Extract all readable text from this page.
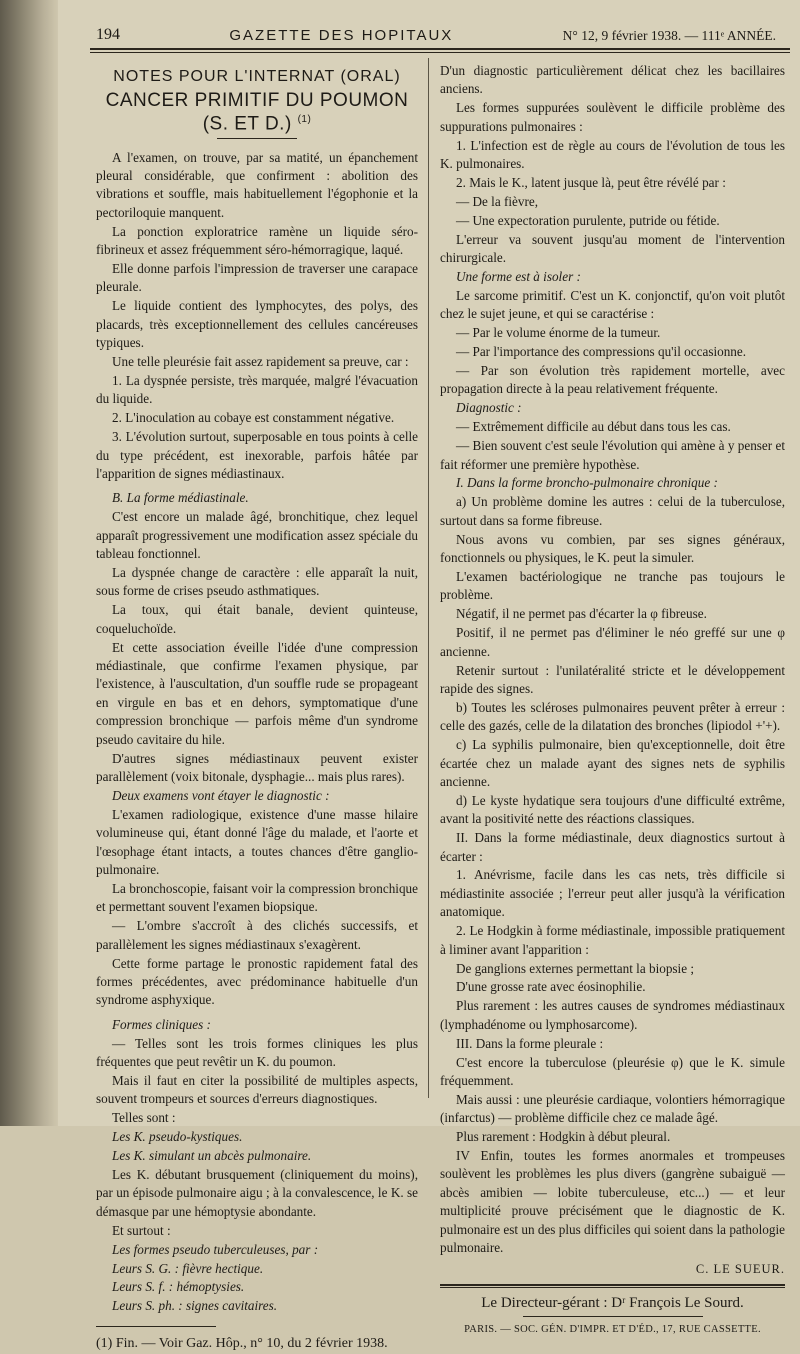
194	GAZETTE DES HOPITAUX	N° 12, 9 février 1938. — 111ᵉ ANNÉE.
NOTES POUR L'INTERNAT (ORAL)
CANCER PRIMITIF DU POUMON (S. ET D.) $^{(1)}$

A l'examen, on trouve, par sa matité, un épanchement pleural considérable, que confirment : abolition des vibrations et souffle, mais habituellement l'égophonie et la pectoriloquie manquent.

La ponction exploratrice ramène un liquide séro-fibrineux et assez fréquemment séro-hémorragique, laqué.

Elle donne parfois l'impression de traverser une carapace pleurale.

Le liquide contient des lymphocytes, des polys, des placards, très exceptionnellement des cellules cancéreuses typiques.

Une telle pleurésie fait assez rapidement sa preuve, car :

1. La dyspnée persiste, très marquée, malgré l'évacuation du liquide.

2. L'inoculation au cobaye est constamment négative.

3. L'évolution surtout, superposable en tous points à celle du type précédent, est inexorable, parfois hâtée par l'apparition de signes médiastinaux.

B. La forme médiastinale.

C'est encore un malade âgé, bronchitique, chez lequel apparaît progressivement une modification assez spéciale du tableau fonctionnel.

La dyspnée change de caractère : elle apparaît la nuit, sous forme de crises pseudo asthmatiques.

La toux, qui était banale, devient quinteuse, coqueluchoïde.

Et cette association éveille l'idée d'une compression médiastinale, que confirme l'examen physique, par l'existence, à l'auscultation, d'un souffle rude se propageant en virgule en bas et en dehors, symptomatique d'une compression bronchique — parfois même d'un syndrome pseudo cavitaire du hile.

D'autres signes médiastinaux peuvent exister parallèlement (voix bitonale, dysphagie... mais plus rares).

Deux examens vont étayer le diagnostic :

L'examen radiologique, existence d'une masse hilaire volumineuse qui, étant donné l'âge du malade, et l'aorte et l'œsophage étant intacts, a toutes chances d'être ganglio-pulmonaire.

La bronchoscopie, faisant voir la compression bronchique et permettant souvent l'examen biopsique.

— L'ombre s'accroît à des clichés successifs, et parallèlement les signes médiastinaux s'exagèrent.

Cette forme partage le pronostic rapidement fatal des formes précédentes, avec prédominance habituelle d'un syndrome asphyxique.

Formes cliniques :

— Telles sont les trois formes cliniques les plus fréquentes que peut revêtir un K. du poumon.

Mais il faut en citer la possibilité de multiples aspects, souvent trompeurs et sources d'erreurs diagnostiques.

Telles sont :

Les K. pseudo-kystiques.

Les K. simulant un abcès pulmonaire.

Les K. débutant brusquement (cliniquement du moins), par un épisode pulmonaire aigu ; à la convalescence, le K. se démasque par une hémoptysie abondante.

Et surtout :

Les formes pseudo tuberculeuses, par :

Leurs S. G. : fièvre hectique.

Leurs S. f. : hémoptysies.

Leurs S. ph. : signes cavitaires.

(1) Fin. — Voir Gaz. Hôp., n° 10, du 2 février 1938.

D'un diagnostic particulièrement délicat chez les bacillaires anciens.

Les formes suppurées soulèvent le difficile problème des suppurations pulmonaires :

1. L'infection est de règle au cours de l'évolution de tous les K. pulmonaires.

2. Mais le K., latent jusque là, peut être révélé par :

— De la fièvre,

— Une expectoration purulente, putride ou fétide.

L'erreur va souvent jusqu'au moment de l'intervention chirurgicale.

Une forme est à isoler :

Le sarcome primitif. C'est un K. conjonctif, qu'on voit plutôt chez le sujet jeune, et qui se caractérise :

— Par le volume énorme de la tumeur.

— Par l'importance des compressions qu'il occasionne.

— Par son évolution très rapidement mortelle, avec propagation directe à la peau relativement fréquente.

Diagnostic :

— Extrêmement difficile au début dans tous les cas.

— Bien souvent c'est seule l'évolution qui amène à y penser et fait réformer une première hypothèse.

I. Dans la forme broncho-pulmonaire chronique :

a) Un problème domine les autres : celui de la tuberculose, surtout dans sa forme fibreuse.

Nous avons vu combien, par ses signes généraux, fonctionnels ou physiques, le K. peut la simuler.

L'examen bactériologique ne tranche pas toujours le problème.

Négatif, il ne permet pas d'écarter la φ fibreuse.

Positif, il ne permet pas d'éliminer le néo greffé sur une φ ancienne.

Retenir surtout : l'unilatéralité stricte et le développement rapide des signes.

b) Toutes les scléroses pulmonaires peuvent prêter à erreur : celle des gazés, celle de la dilatation des bronches (lipiodol +'+).

c) La syphilis pulmonaire, bien qu'exceptionnelle, doit être écartée chez un malade ayant des signes nets de syphilis ancienne.

d) Le kyste hydatique sera toujours d'une difficulté extrême, avant la positivité nette des réactions classiques.

II. Dans la forme médiastinale, deux diagnostics surtout à écarter :

1. Anévrisme, facile dans les cas nets, très difficile si médiastinite associée ; l'erreur peut aller jusqu'à la vérification anatomique.

2. Le Hodgkin à forme médiastinale, impossible pratiquement à liminer avant l'apparition :

De ganglions externes permettant la biopsie ;

D'une grosse rate avec éosinophilie.

Plus rarement : les autres causes de syndromes médiastinaux (lymphadénome ou lymphosarcome).

III. Dans la forme pleurale :

C'est encore la tuberculose (pleurésie φ) que le K. simule fréquemment.

Mais aussi : une pleurésie cardiaque, volontiers hémorragique (infarctus) — problème difficile chez ce malade âgé.

Plus rarement : Hodgkin à début pleural.

IV Enfin, toutes les formes anormales et trompeuses soulèvent les problèmes les plus divers (gangrène subaiguë — abcès amibien — lobite tuberculeuse, etc...) — et leur multiplicité prouve précisément que le diagnostic de K. pulmonaire est un des plus difficiles qui soient dans la pathologie pulmonaire.

C. LE SUEUR.

Le Directeur-gérant : Dʳ François Le Sourd.

PARIS. — SOC. GÉN. D'IMPR. ET D'ÉD., 17, RUE CASSETTE.
